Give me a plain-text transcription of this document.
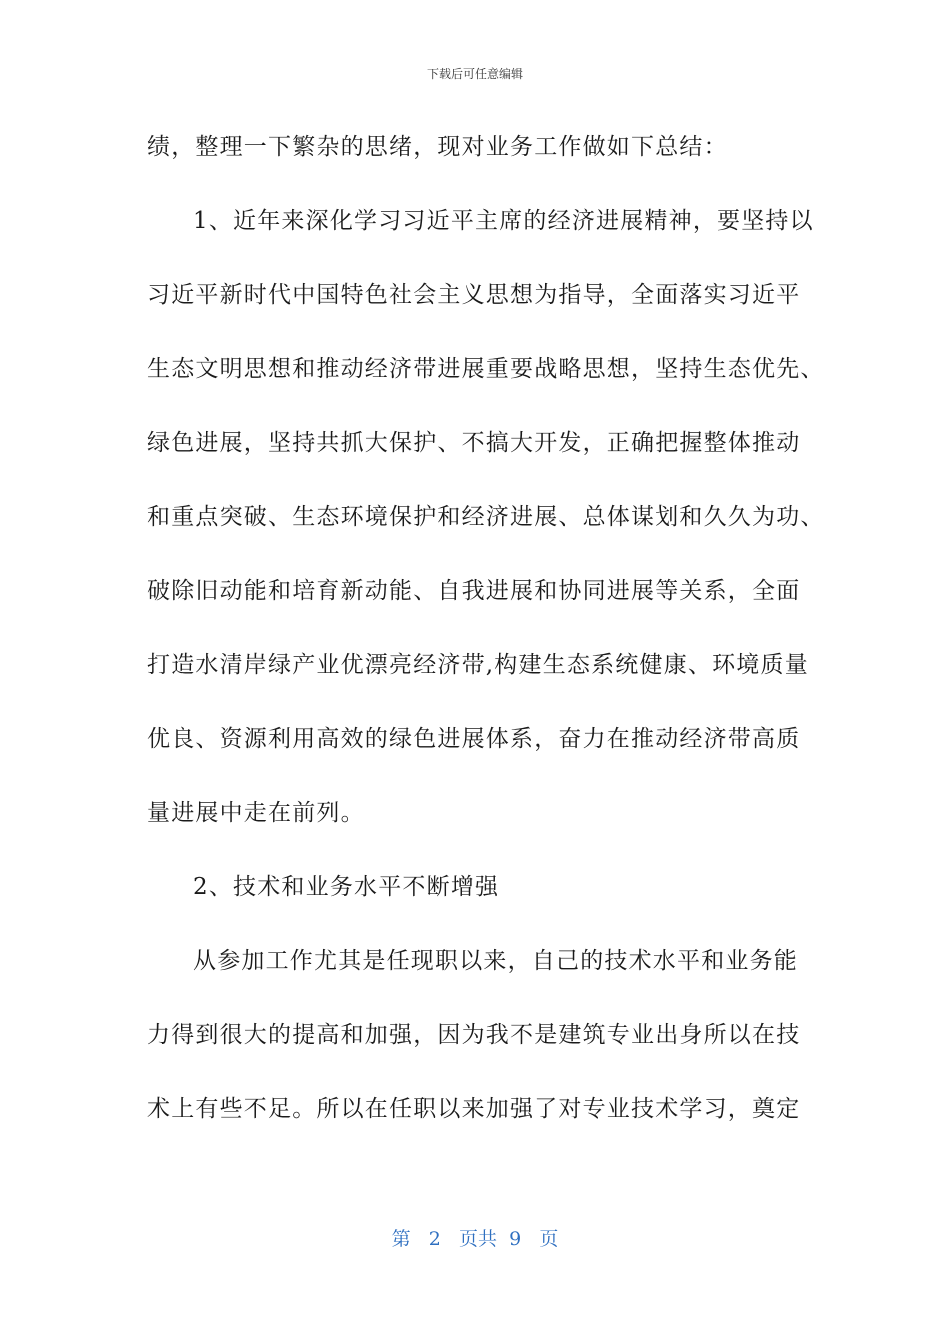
下载后可任意编辑
绩，整理一下繁杂的思绪，现对业务工作做如下总结：
1、近年来深化学习习近平主席的经济进展精神，要坚持以
习近平新时代中国特色社会主义思想为指导，全面落实习近平
生态文明思想和推动经济带进展重要战略思想，坚持生态优先、
绿色进展，坚持共抓大保护、不搞大开发，正确把握整体推动
和重点突破、生态环境保护和经济进展、总体谋划和久久为功、
破除旧动能和培育新动能、自我进展和协同进展等关系，全面
打造水清岸绿产业优漂亮经济带,构建生态系统健康、环境质量
优良、资源利用高效的绿色进展体系，奋力在推动经济带高质
量进展中走在前列。
2、技术和业务水平不断增强
从参加工作尤其是任现职以来，自己的技术水平和业务能
力得到很大的提高和加强，因为我不是建筑专业出身所以在技
术上有些不足。所以在任职以来加强了对专业技术学习，奠定
第 2 页共 9 页
